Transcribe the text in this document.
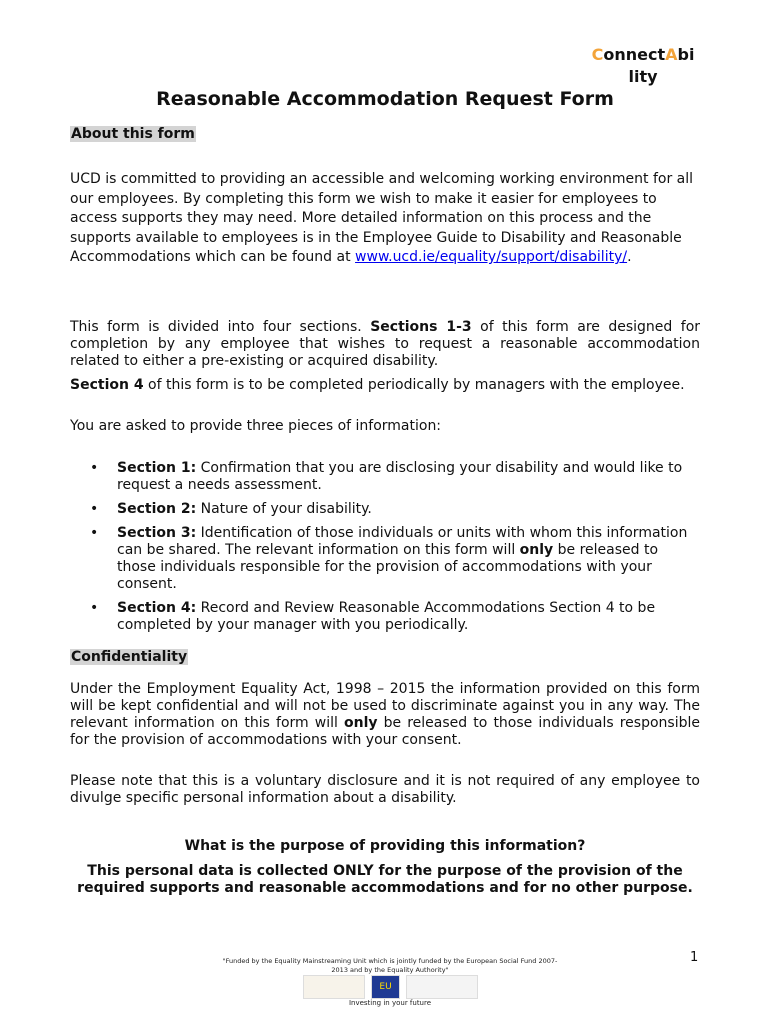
ConnectAbi
lity
Reasonable Accommodation Request Form
About this form
UCD is committed to providing an accessible and welcoming working environment for all our employees. By completing this form we wish to make it easier for employees to access supports they may need. More detailed information on this process and the supports available to employees is in the Employee Guide to Disability and Reasonable Accommodations which can be found at www.ucd.ie/equality/support/disability/.
This form is divided into four sections. Sections 1-3 of this form are designed for completion by any employee that wishes to request a reasonable accommodation related to either a pre-existing or acquired disability.
Section 4 of this form is to be completed periodically by managers with the employee.
You are asked to provide three pieces of information:
• Section 1: Confirmation that you are disclosing your disability and would like to request a needs assessment.
• Section 2: Nature of your disability.
• Section 3: Identification of those individuals or units with whom this information can be shared. The relevant information on this form will only be released to those individuals responsible for the provision of accommodations with your consent.
• Section 4: Record and Review Reasonable Accommodations Section 4 to be completed by your manager with you periodically.
Confidentiality
Under the Employment Equality Act, 1998 – 2015 the information provided on this form will be kept confidential and will not be used to discriminate against you in any way. The relevant information on this form will only be released to those individuals responsible for the provision of accommodations with your consent.
Please note that this is a voluntary disclosure and it is not required of any employee to divulge specific personal information about a disability.
What is the purpose of providing this information?
This personal data is collected ONLY for the purpose of the provision of the required supports and reasonable accommodations and for no other purpose.
1
"Funded by the Equality Mainstreaming Unit which is jointly funded by the European Social Fund 2007-2013 and by the Equality Authority"
EU
Investing in your future
